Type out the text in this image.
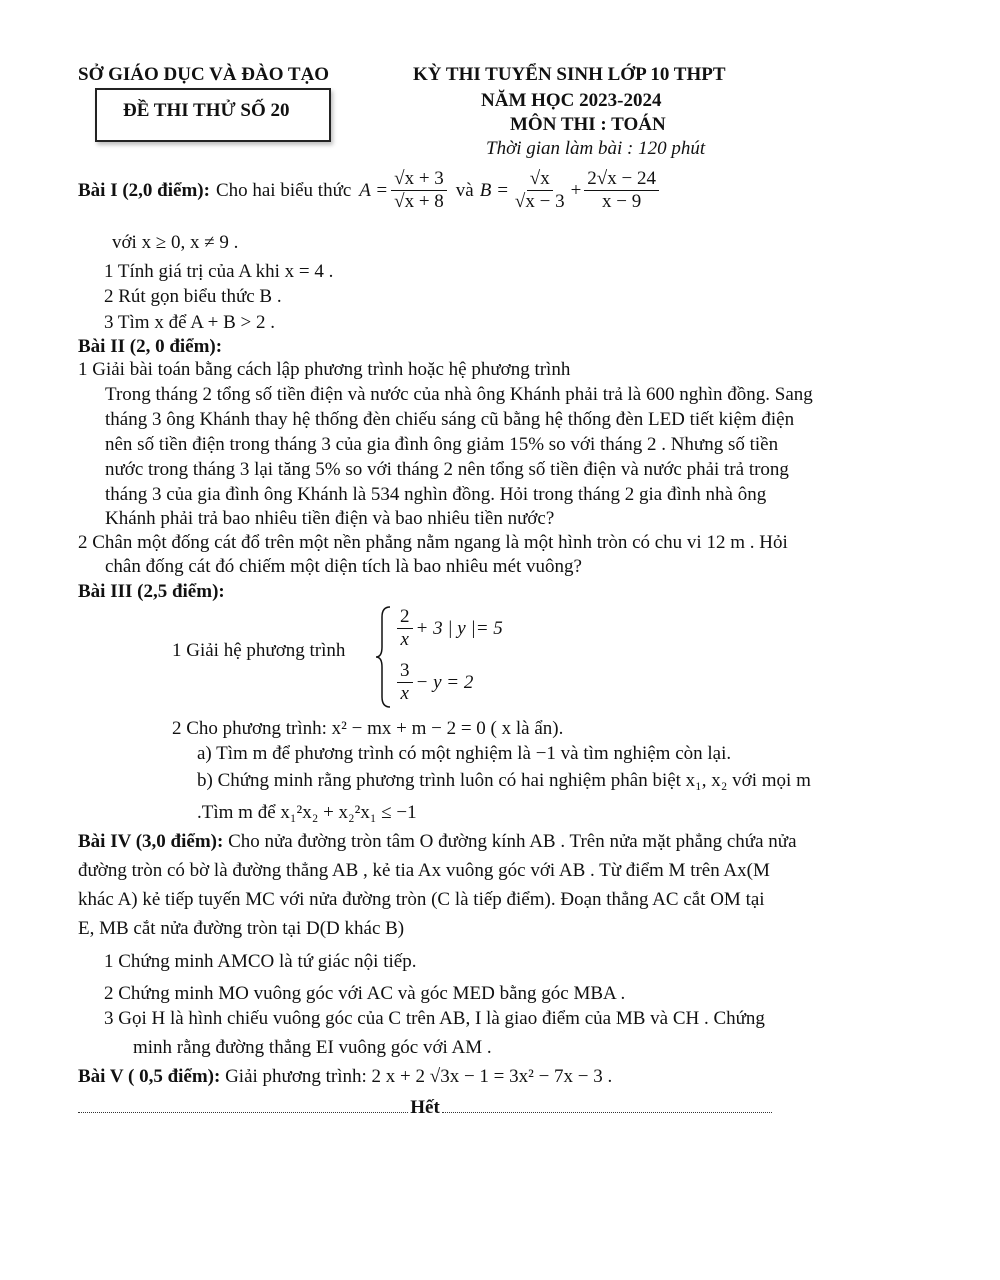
SỞ GIÁO DỤC VÀ ĐÀO TẠO	KỲ THI TUYỂN SINH LỚP 10 THPT
ĐỀ THI THỬ SỐ 20	NĂM HỌC 2023-2024
MÔN THI : TOÁN
Thời gian làm bài : 120 phút
Bài I (2,0 điểm): Cho hai biểu thức $A = \frac{√x + 3}{√x + 8}$ và $B = \frac{√x}{√x - 3} + \frac{2√x - 24}{x - 9}$
với x ≥ 0, x ≠ 9 .
1 Tính giá trị của A khi x = 4 .
2 Rút gọn biểu thức B .
3 Tìm x để A + B > 2 .
Bài II (2, 0 điểm):
1 Giải bài toán bằng cách lập phương trình hoặc hệ phương trình
Trong tháng 2 tổng số tiền điện và nước của nhà ông Khánh phải trả là 600 nghìn đồng. Sang
tháng 3 ông Khánh thay hệ thống đèn chiếu sáng cũ bằng hệ thống đèn LED tiết kiệm điện
nên số tiền điện trong tháng 3 của gia đình ông giảm 15% so với tháng 2 . Nhưng số tiền
nước trong tháng 3 lại tăng 5% so với tháng 2 nên tổng số tiền điện và nước phải trả trong
tháng 3 của gia đình ông Khánh là 534 nghìn đồng. Hỏi trong tháng 2 gia đình nhà ông
Khánh phải trả bao nhiêu tiền điện và bao nhiêu tiền nước?
2 Chân một đống cát đổ trên một nền phẳng nằm ngang là một hình tròn có chu vi 12 m . Hỏi
chân đống cát đó chiếm một diện tích là bao nhiêu mét vuông?
Bài III (2,5 điểm):
1 Giải hệ phương trình	$\frac{2}{x} + 3$ | y |= 5
$\frac{3}{x} - y = 2$
2 Cho phương trình: x² − mx + m − 2 = 0 ( x là ẩn).
a) Tìm m để phương trình có một nghiệm là −1 và tìm nghiệm còn lại.
b) Chứng minh rằng phương trình luôn có hai nghiệm phân biệt x₁, x₂ với mọi m
.Tìm m để x₁²x₂ + x₂²x₁ ≤ −1
Bài IV (3,0 điểm): Cho nửa đường tròn tâm O đường kính AB . Trên nửa mặt phẳng chứa nửa
đường tròn có bờ là đường thẳng AB , kẻ tia Ax vuông góc với AB . Từ điểm M trên Ax(M
khác A) kẻ tiếp tuyến MC với nửa đường tròn (C là tiếp điểm). Đoạn thẳng AC cắt OM tại
E, MB cắt nửa đường tròn tại D(D khác B)
1 Chứng minh AMCO là tứ giác nội tiếp.
2 Chứng minh MO vuông góc với AC và góc MED bằng góc MBA .
3 Gọi H là hình chiếu vuông góc của C trên AB, I là giao điểm của MB và CH . Chứng
minh rằng đường thẳng EI vuông góc với AM .
Bài V ( 0,5 điểm): Giải phương trình: 2 x + 2 √3x − 1 = 3x² − 7x − 3 .
Hết
